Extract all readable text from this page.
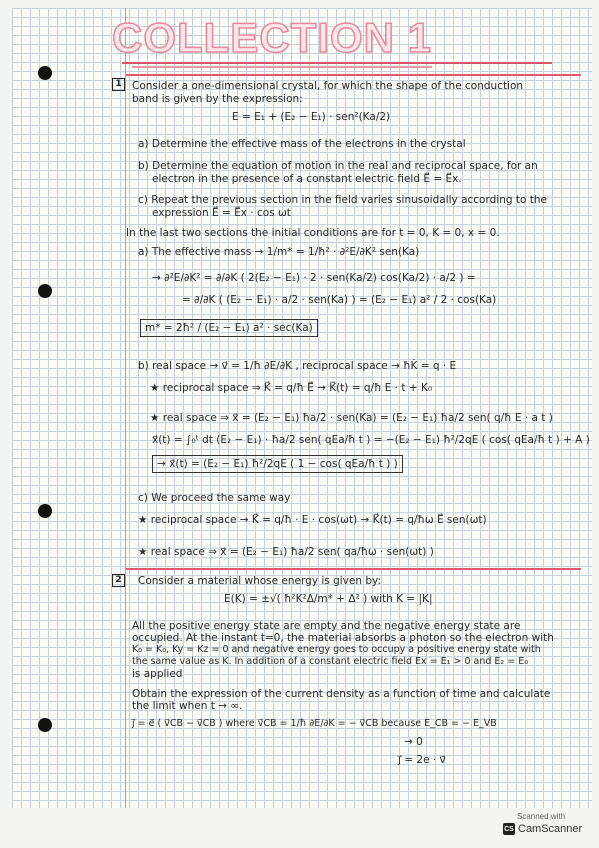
COLLECTION 1
1 Consider a one-dimensional crystal, for which the shape of the conduction
band is given by the expression:
E = E₁ + (E₂ − E₁) · sen²(Ka/2)
a) Determine the effective mass of the electrons in the crystal
b) Determine the equation of motion in the real and reciprocal space, for an
electron in the presence of a constant electric field E⃗ = E⃗x.
c) Repeat the previous section in the field varies sinusoidally according to the
expression E⃗ = E⃗x · cos ωt
In the last two sections the initial conditions are for t = 0, K = 0, x = 0.
a) The effective mass → 1/m* = 1/ħ² · ∂²E/∂K² sen(Ka)
→ ∂²E/∂K² = ∂/∂K ( 2(E₂ − E₁) · 2 · sen(Ka/2) cos(Ka/2) · a/2 ) =
= ∂/∂K ( (E₂ − E₁) · a/2 · sen(Ka) ) = (E₂ − E₁) a² / 2 · cos(Ka)
m* = 2ħ² / (E₂ − E₁) a² · sec(Ka)
b) real space → v⃗ = 1/ħ ∂E/∂K , reciprocal space → ħK̇ = q · E
★ reciprocal space ⇒ K⃗ = q/ħ E⃗ → K⃗(t) = q/ħ E · t + K₀
★ real space ⇒ x⃗ = (E₂ − E₁) ħa/2 · sen(Ka) = (E₂ − E₁) ħa/2 sen( q/ħ E · a t )
x⃗(t) = ∫₀ᵗ dt (E₂ − E₁) · ħa/2 sen( qEa/ħ t ) = −(E₂ − E₁) ħ²/2qE ( cos( qEa/ħ t ) + A )
→ x⃗(t) = (E₂ − E₁) ħ²/2qE ( 1 − cos( qEa/ħ t ) )
c) We proceed the same way
★ reciprocal space → K⃗ = q/ħ · E · cos(ωt) → K⃗(t) = q/ħω E⃗ sen(ωt)
★ real space ⇒ x⃗ = (E₂ − E₁) ħa/2 sen( qa/ħω · sen(ωt) )
2	Consider a material whose energy is given by:
E(K) = ±√( ħ²K²Δ/m* + Δ² ) with K = |K|
All the positive energy state are empty and the negative energy state are
occupied. At the instant t=0, the material absorbs a photon so the electron with
K₀ = K₀, Ky = Kz = 0 and negative energy goes to occupy a positive energy state with
the same value as K. In addition of a constant electric field Ex = E₁ > 0 and E₂ = E₀
is applied
Obtain the expression of the current density as a function of time and calculate
the limit when t → ∞.
j⃗ = e⃗ ( v⃗CB − v⃗CB ) where v⃗CB = 1/ħ ∂E/∂K = − v⃗CB because E_CB = − E_VB
→ 0
j⃗ = 2e · v⃗
Scanned with
CS CamScanner
